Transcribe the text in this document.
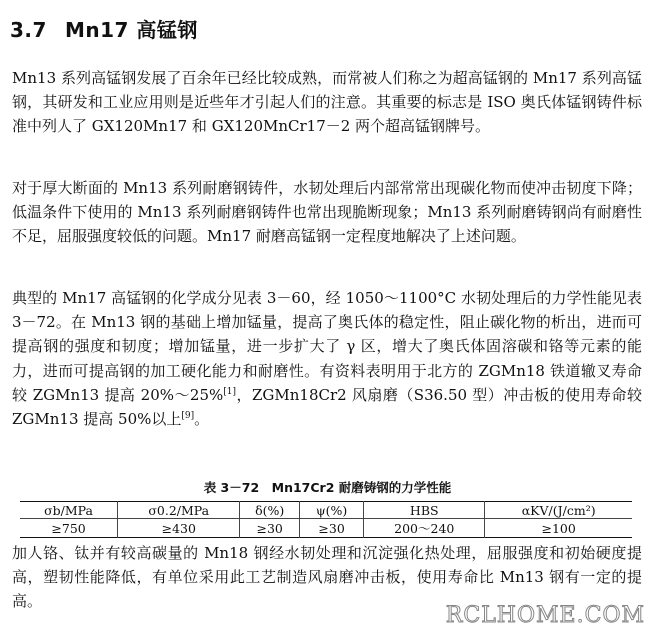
3.7 Mn17 高锰钢
Mn13 系列高锰钢发展了百余年已经比较成熟，而常被人们称之为超高锰钢的 Mn17 系列高锰钢，其研发和工业应用则是近些年才引起人们的注意。其重要的标志是 ISO 奥氏体锰钢铸件标准中列人了 GX120Mn17 和 GX120MnCr17－2 两个超高锰钢牌号。
对于厚大断面的 Mn13 系列耐磨钢铸件，水韧处理后内部常常出现碳化物而使冲击韧度下降；低温条件下使用的 Mn13 系列耐磨钢铸件也常出现脆断现象；Mn13 系列耐磨铸钢尚有耐磨性不足，屈服强度较低的问题。Mn17 耐磨高锰钢一定程度地解决了上述问题。
典型的 Mn17 高锰钢的化学成分见表 3－60，经 1050～1100°C 水韧处理后的力学性能见表 3－72。在 Mn13 钢的基础上增加锰量，提高了奥氏体的稳定性，阻止碳化物的析出，进而可提高钢的强度和韧度；增加锰量，进一步扩大了 γ 区，增大了奥氏体固溶碳和铬等元素的能力，进而可提高钢的加工硬化能力和耐磨性。有资料表明用于北方的 ZGMn18 铁道辙叉寿命较 ZGMn13 提高 20%～25%[1]，ZGMn18Cr2 风扇磨（S36.50 型）冲击板的使用寿命较 ZGMn13 提高 50%以上[9]。
表 3－72　Mn17Cr2 耐磨铸钢的力学性能
σb/MPa	σ0.2/MPa	δ(%)	ψ(%)	HBS	αKV/(J/cm²)
≥750	≥430	≥30	≥30	200～240	≥100
加人铬、钛并有较高碳量的 Mn18 钢经水韧处理和沉淀强化热处理，屈服强度和初始硬度提高，塑韧性能降低，有单位采用此工艺制造风扇磨冲击板，使用寿命比 Mn13 钢有一定的提高。
RCLHOME.COM
